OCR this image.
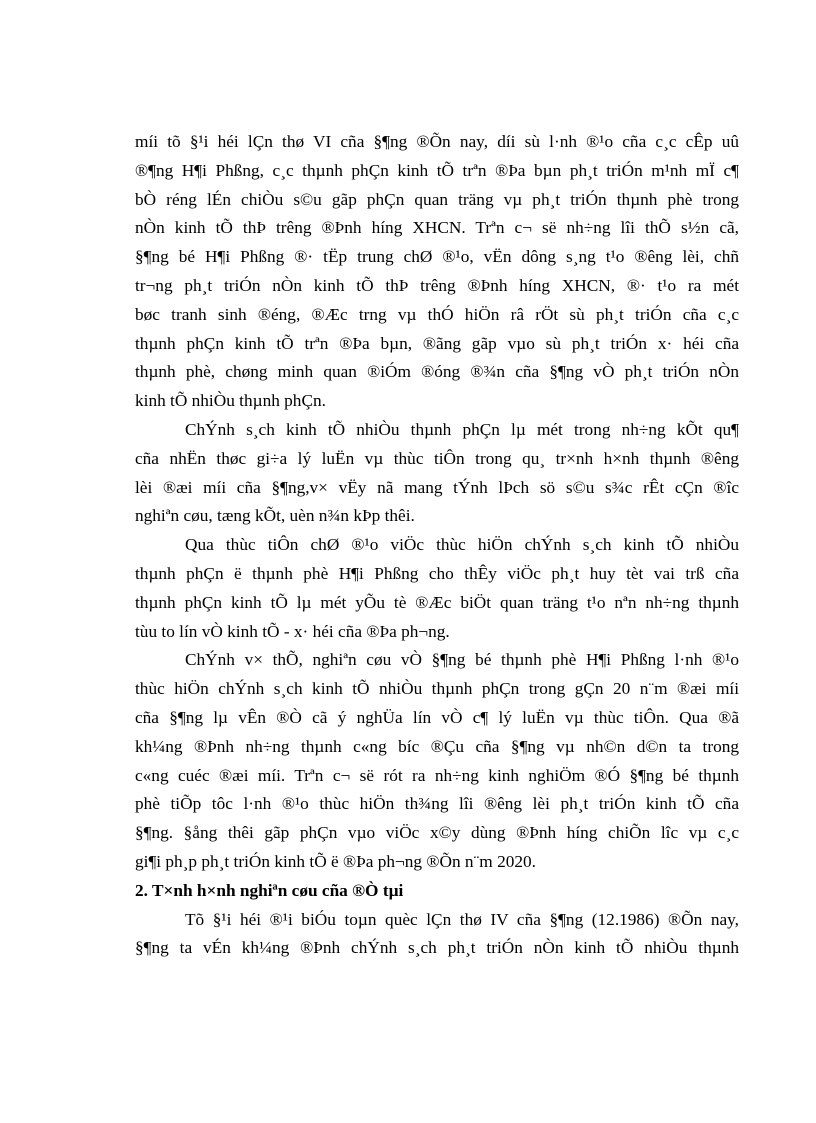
míi tõ §¹i héi lÇn thø VI cña §¶ng ®Õn nay, díi sù l·nh ®¹o cña c¸c cÊp uû
®¶ng H¶i Phßng, c¸c thµnh phÇn kinh tÕ trªn ®Þa bµn ph¸t triÓn m¹nh mÏ c¶
bÒ réng lÉn chiÒu s©u gãp phÇn quan träng vµ ph¸t triÓn thµnh phè trong
nÒn kinh tÕ thÞ trêng ®Þnh híng XHCN. Trªn c¬ së nh÷ng lîi thÕ s½n cã,
§¶ng bé H¶i Phßng ®· tËp trung chØ ®¹o, vËn dông s¸ng t¹o ®êng lèi, chñ
tr¬ng ph¸t triÓn nÒn kinh tÕ thÞ trêng ®Þnh híng XHCN, ®· t¹o ra mét
bøc tranh sinh ®éng, ®Æc trng vµ thÓ hiÖn râ rÖt sù ph¸t triÓn cña c¸c
thµnh phÇn kinh tÕ trªn ®Þa bµn, ®ãng gãp vµo sù ph¸t triÓn x· héi cña
thµnh phè, chøng minh quan ®iÓm ®óng ®¾n cña §¶ng vÒ ph¸t triÓn nÒn
kinh tÕ nhiÒu thµnh phÇn.
ChÝnh s¸ch kinh tÕ nhiÒu thµnh phÇn lµ mét trong nh÷ng kÕt qu¶
cña nhËn thøc gi÷a lý luËn vµ thùc tiÔn trong qu¸ tr×nh h×nh thµnh ®êng
lèi ®æi míi cña §¶ng,v× vËy nã mang tÝnh lÞch sö s©u s¾c rÊt cÇn ®îc
nghiªn cøu, tæng kÕt, uèn n¾n kÞp thêi.
Qua thùc tiÔn chØ ®¹o viÖc thùc hiÖn chÝnh s¸ch kinh tÕ nhiÒu
thµnh phÇn ë thµnh phè H¶i Phßng cho thÊy viÖc ph¸t huy tèt vai trß cña
thµnh phÇn kinh tÕ lµ mét yÕu tè ®Æc biÖt quan träng t¹o nªn nh÷ng thµnh
tùu to lín vÒ kinh tÕ - x· héi cña ®Þa ph¬ng.
ChÝnh v× thÕ, nghiªn cøu vÒ §¶ng bé thµnh phè H¶i Phßng l·nh ®¹o
thùc hiÖn chÝnh s¸ch kinh tÕ nhiÒu thµnh phÇn trong gÇn 20 n¨m ®æi míi
cña §¶ng lµ vÊn ®Ò cã ý nghÜa lín vÒ c¶ lý luËn vµ thùc tiÔn. Qua ®ã
kh¼ng ®Þnh nh÷ng thµnh c«ng bíc ®Çu cña §¶ng vµ nh©n d©n ta trong
c«ng cuéc ®æi míi. Trªn c¬ së rót ra nh÷ng kinh nghiÖm ®Ó §¶ng bé thµnh
phè tiÕp tôc l·nh ®¹o thùc hiÖn th¾ng lîi ®êng lèi ph¸t triÓn kinh tÕ cña
§¶ng. §ång thêi gãp phÇn vµo viÖc x©y dùng ®Þnh híng chiÕn lîc vµ c¸c
gi¶i ph¸p ph¸t triÓn kinh tÕ ë ®Þa ph¬ng ®Õn n¨m 2020.
2. T×nh h×nh nghiªn cøu cña ®Ò tµi
Tõ §¹i héi ®¹i biÓu toµn quèc lÇn thø IV cña §¶ng (12.1986) ®Õn nay,
§¶ng ta vÉn kh¼ng ®Þnh chÝnh s¸ch ph¸t triÓn nÒn kinh tÕ nhiÒu thµnh
